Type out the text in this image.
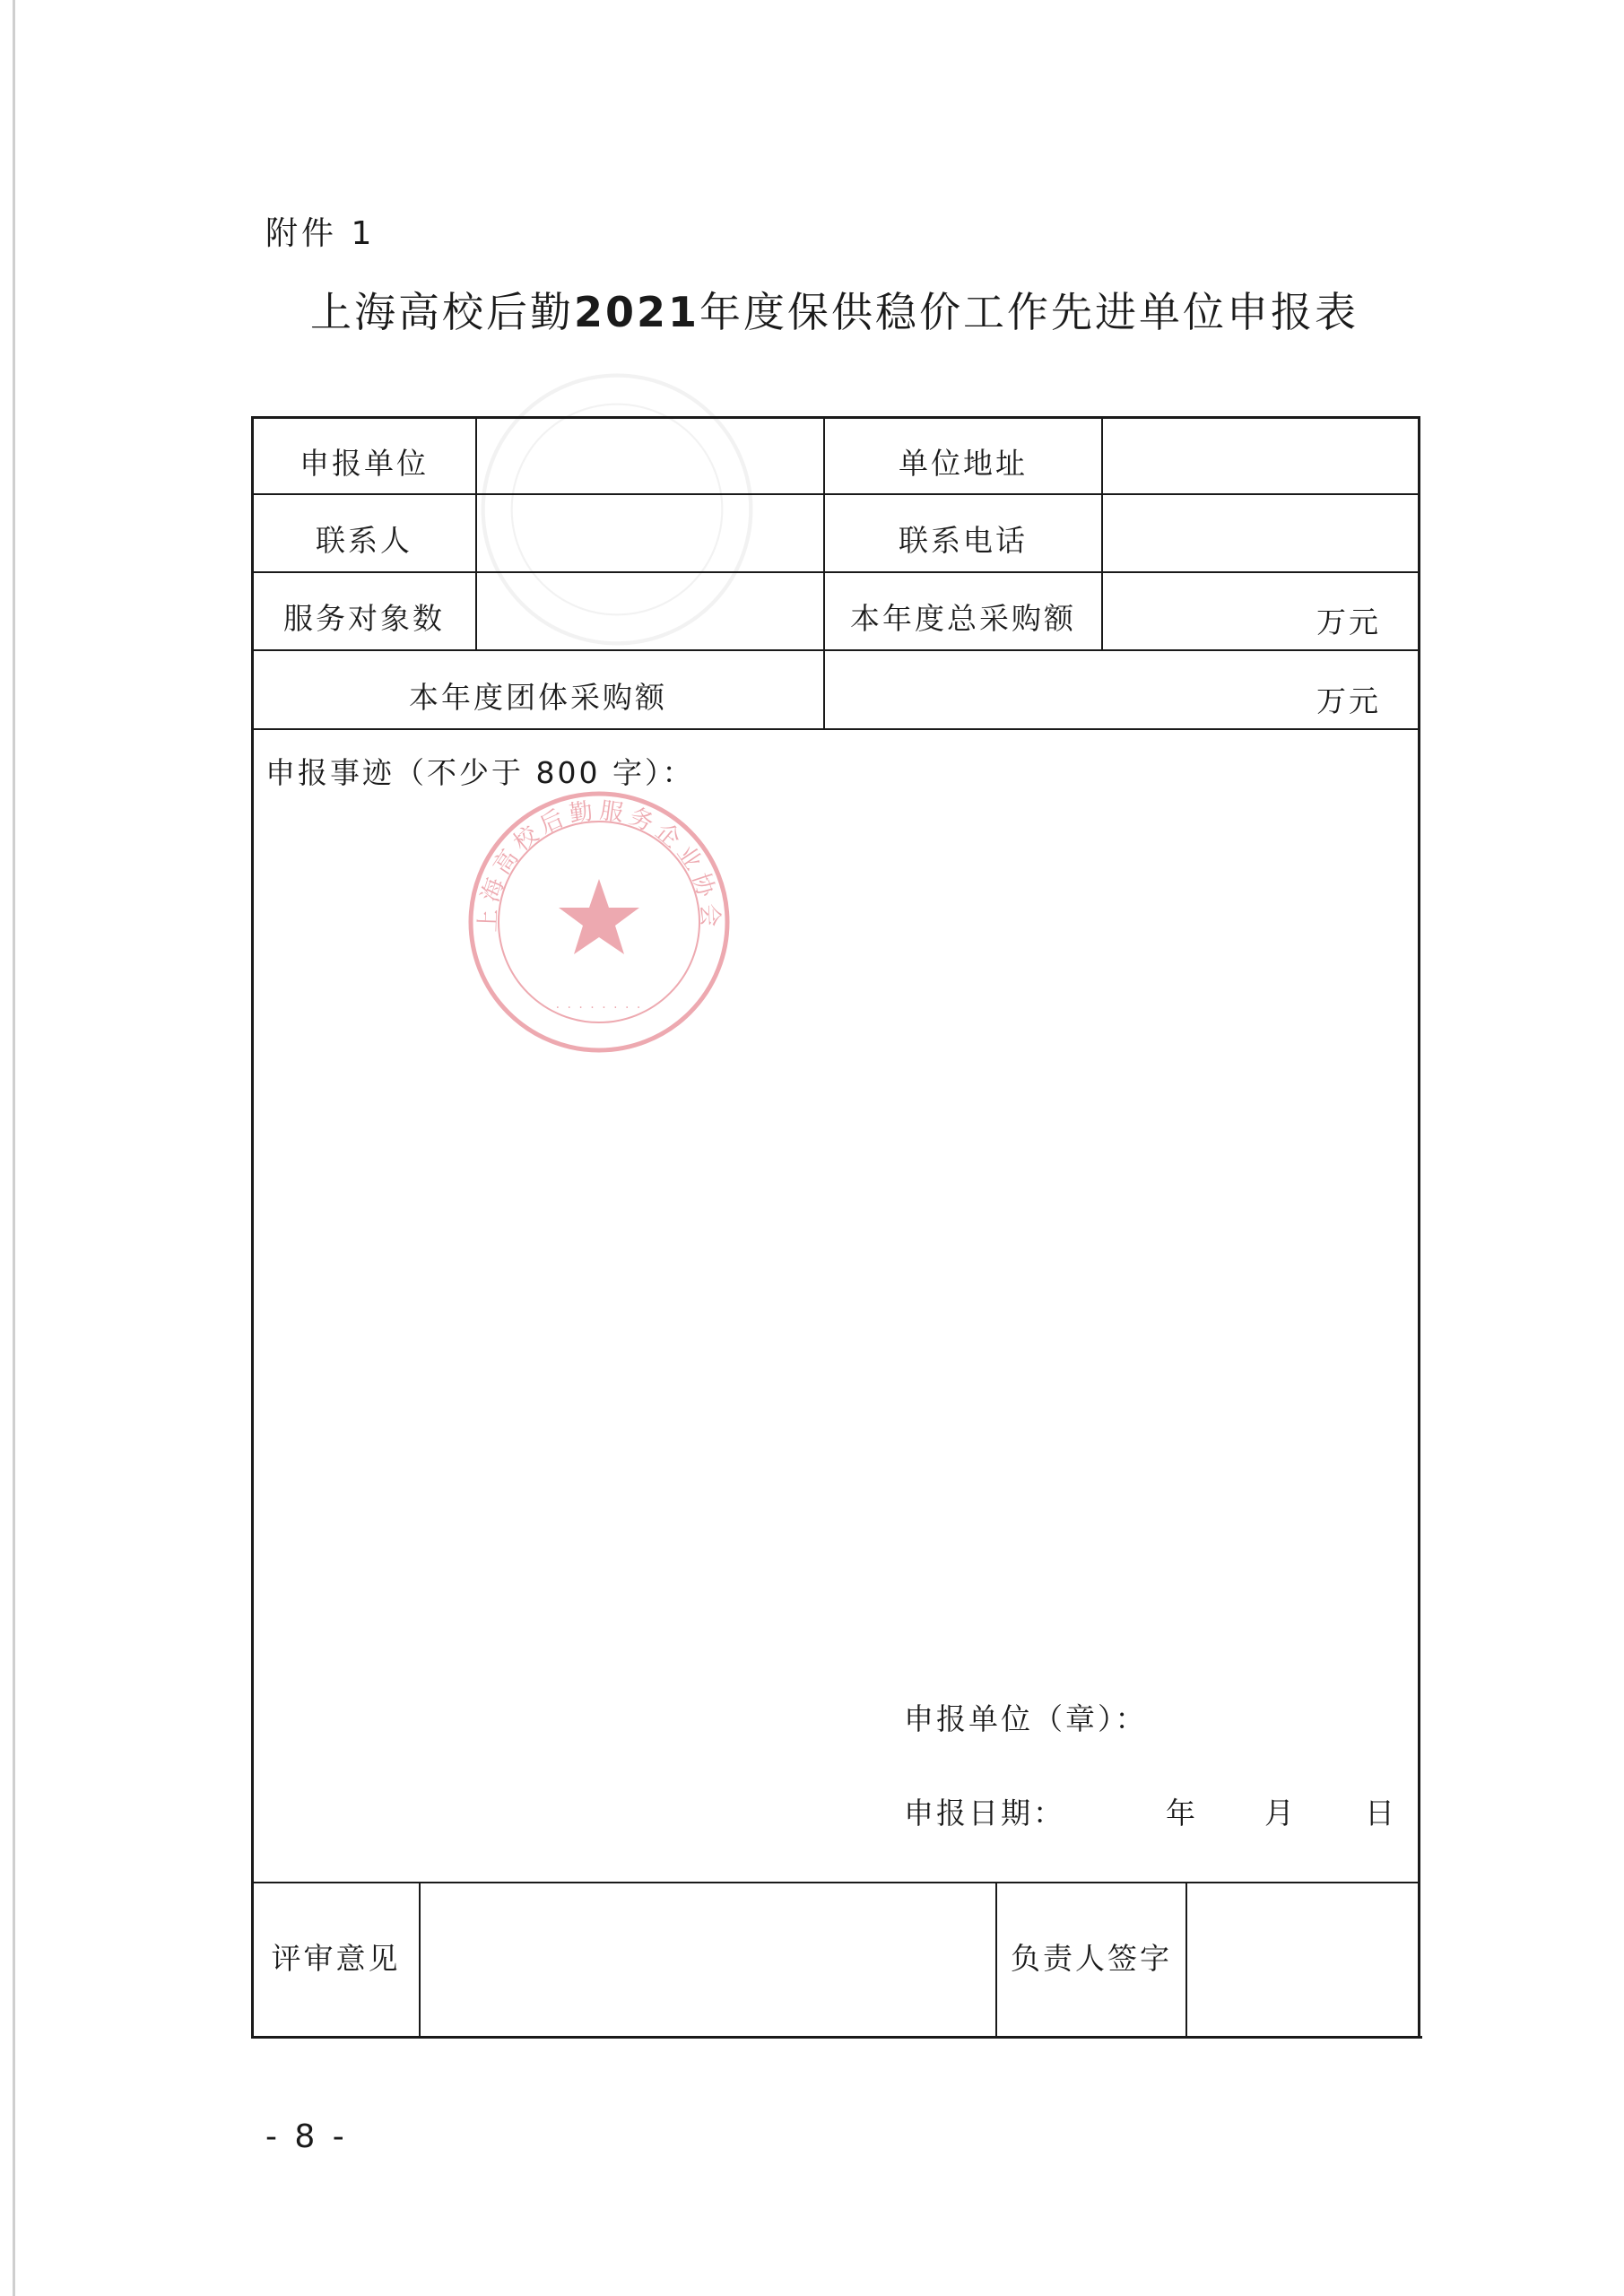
附件 1
上海高校后勤2021年度保供稳价工作先进单位申报表
申报单位	单位地址
联系人	联系电话
服务对象数	本年度总采购额	万元
本年度团体采购额	万元
申报事迹（不少于 800 字）：
上海高校后勤服务企业协会
· · · · · · · ·
申报单位（章）：
申报日期：	年 月 日
评审意见	负责人签字
- 8 -
